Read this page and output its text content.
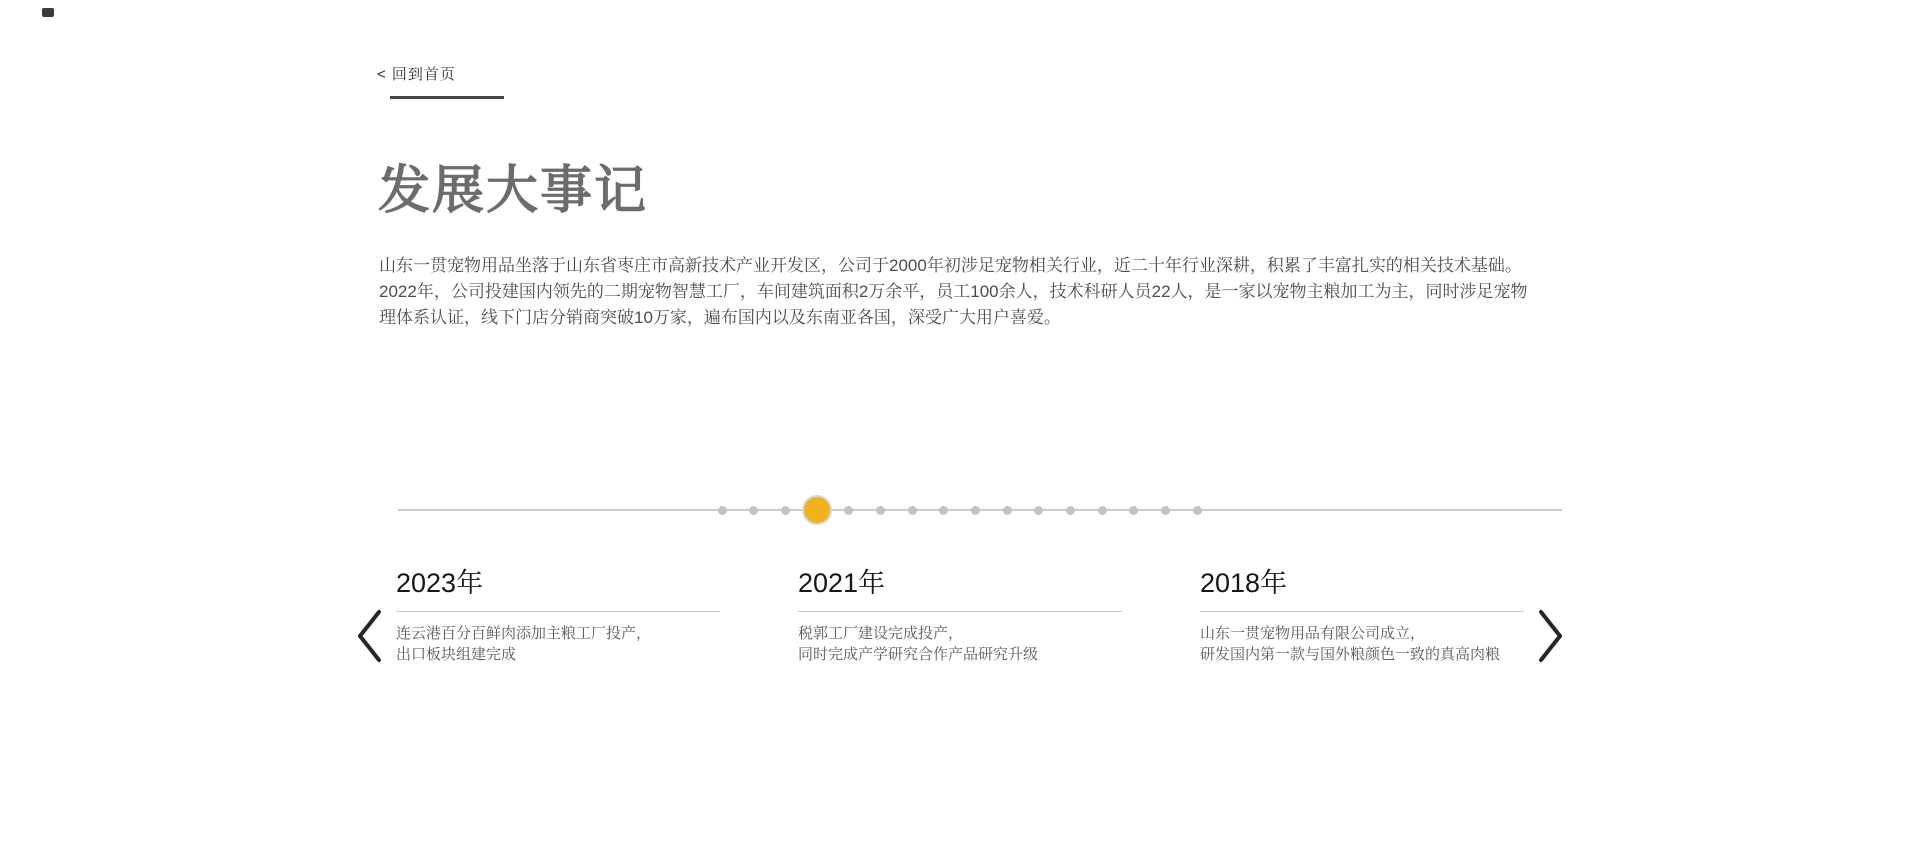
< 回到首页
发展大事记
山东一贯宠物用品坐落于山东省枣庄市高新技术产业开发区，公司于2000年初涉足宠物相关行业，近二十年行业深耕，积累了丰富扎实的相关技术基础。
2022年，公司投建国内领先的二期宠物智慧工厂，车间建筑面积2万余平，员工100余人，技术科研人员22人，是一家以宠物主粮加工为主，同时涉足宠物
理体系认证，线下门店分销商突破10万家，遍布国内以及东南亚各国，深受广大用户喜爱。
2023年
连云港百分百鲜肉添加主粮工厂投产，
出口板块组建完成
2021年
税郭工厂建设完成投产，
同时完成产学研究合作产品研究升级
2018年
山东一贯宠物用品有限公司成立，
研发国内第一款与国外粮颜色一致的真高肉粮
